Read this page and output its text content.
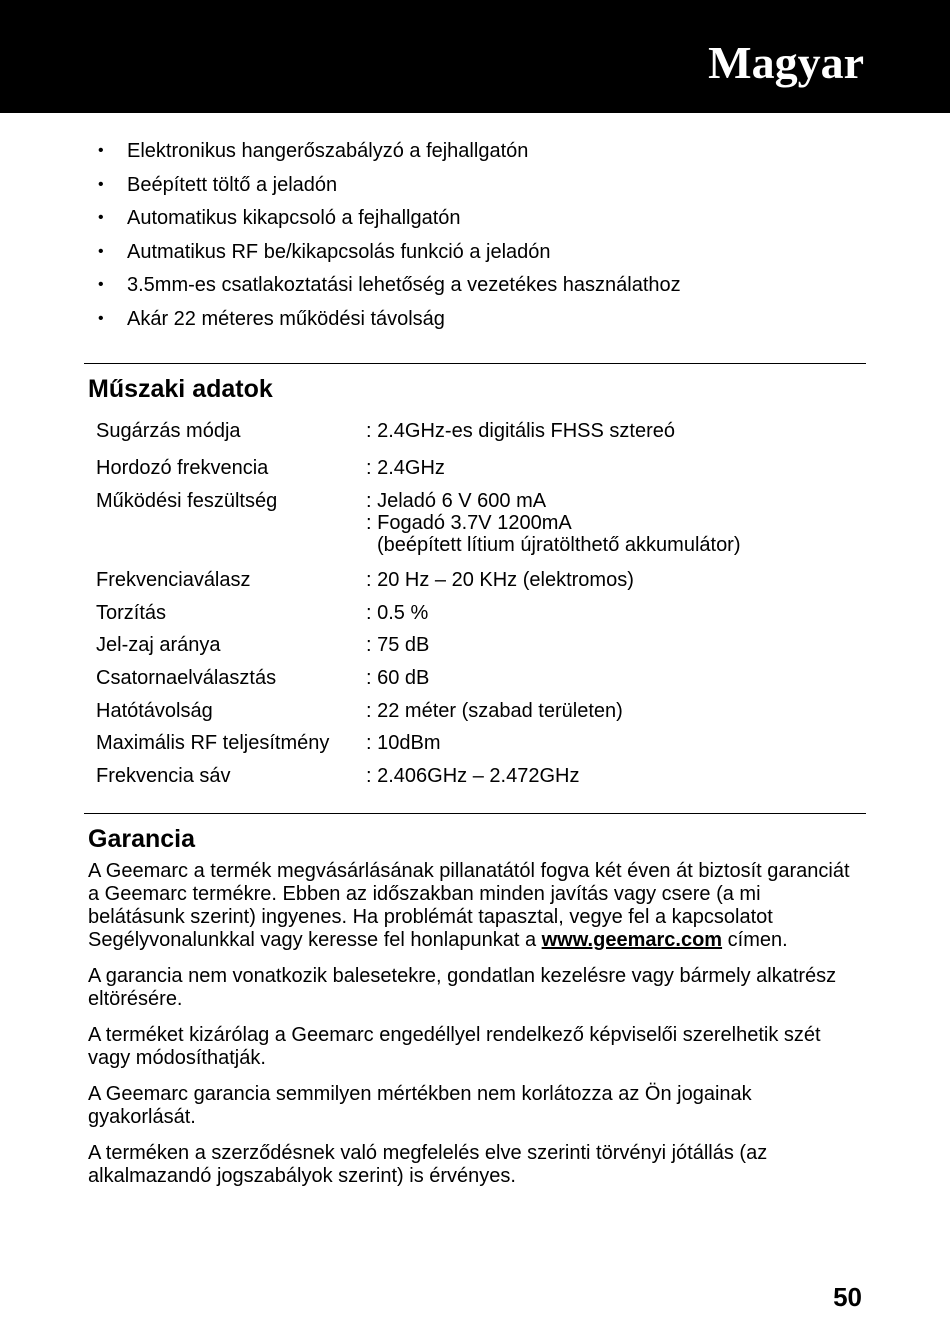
Magyar
• Elektronikus hangerőszabályzó a fejhallgatón
• Beépített töltő a jeladón
• Automatikus kikapcsoló a fejhallgatón
• Autmatikus RF be/kikapcsolás funkció a jeladón
• 3.5mm-es csatlakoztatási lehetőség a vezetékes használathoz
• Akár 22 méteres működési távolság
Műszaki adatok
Sugárzás módja	: 2.4GHz-es digitális FHSS sztereó
Hordozó frekvencia	: 2.4GHz
Működési feszültség	: Jeladó 6 V 600 mA
: Fogadó 3.7V 1200mA
(beépített lítium újratölthető akkumulátor)
Frekvenciaválasz	: 20 Hz – 20 KHz (elektromos)
Torzítás	: 0.5 %
Jel-zaj aránya	: 75 dB
Csatornaelválasztás	: 60 dB
Hatótávolság	: 22 méter (szabad területen)
Maximális RF teljesítmény : 10dBm
Frekvencia sáv	: 2.406GHz – 2.472GHz
Garancia

A Geemarc a termék megvásárlásának pillanatától fogva két éven át biztosít garanciát a Geemarc termékre. Ebben az időszakban minden javítás vagy csere (a mi belátásunk szerint) ingyenes. Ha problémát tapasztal, vegye fel a kapcsolatot Segélyvonalunkkal vagy keresse fel honlapunkat a www.geemarc.com címen.

A garancia nem vonatkozik balesetekre, gondatlan kezelésre vagy bármely alkatrész eltörésére.

A terméket kizárólag a Geemarc engedéllyel rendelkező képviselői szerelhetik szét vagy módosíthatják.

A Geemarc garancia semmilyen mértékben nem korlátozza az Ön jogainak gyakorlását.

A terméken a szerződésnek való megfelelés elve szerinti törvényi jótállás (az alkalmazandó jogszabályok szerint) is érvényes.

50
